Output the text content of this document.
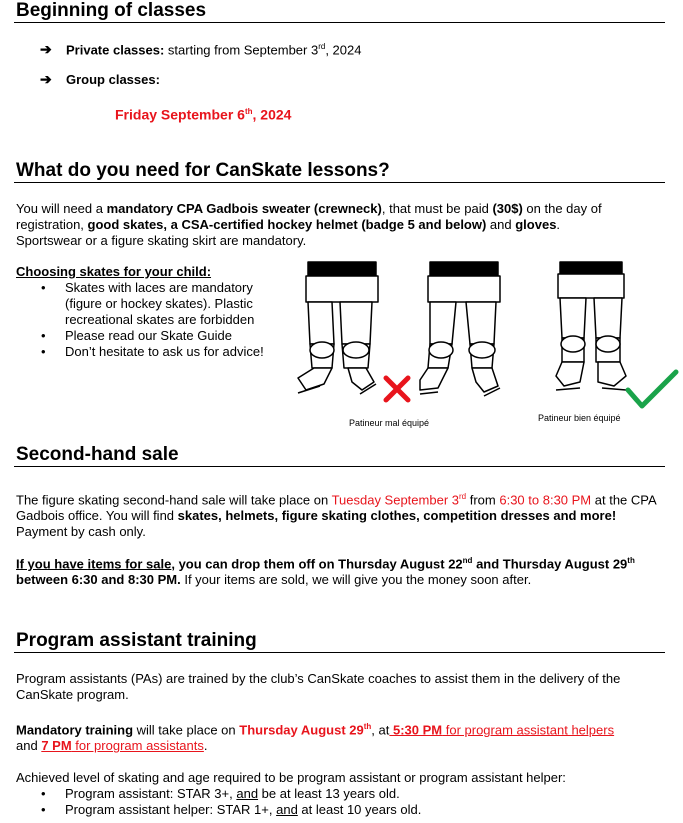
Beginning of classes
➔ Private classes: starting from September 3rd, 2024
➔ Group classes:
Friday September 6th, 2024
What do you need for CanSkate lessons?
You will need a mandatory CPA Gadbois sweater (crewneck), that must be paid (30$) on the day of registration, good skates, a CSA-certified hockey helmet (badge 5 and below) and gloves.
Sportswear or a figure skating skirt are mandatory.
Choosing skates for your child:
• Skates with laces are mandatory (figure or hockey skates). Plastic recreational skates are forbidden
• Please read our Skate Guide
• Don’t hesitate to ask us for advice!
Patineur mal équipé	Patineur bien équipé
Second-hand sale
The figure skating second-hand sale will take place on Tuesday September 3rd from 6:30 to 8:30 PM at the CPA Gadbois office. You will find skates, helmets, figure skating clothes, competition dresses and more! Payment by cash only.
If you have items for sale, you can drop them off on Thursday August 22nd and Thursday August 29th between 6:30 and 8:30 PM. If your items are sold, we will give you the money soon after.
Program assistant training
Program assistants (PAs) are trained by the club’s CanSkate coaches to assist them in the delivery of the CanSkate program.
Mandatory training will take place on Thursday August 29th, at 5:30 PM for program assistant helpers
and 7 PM for program assistants.
Achieved level of skating and age required to be program assistant or program assistant helper:
• Program assistant: STAR 3+, and be at least 13 years old.
• Program assistant helper: STAR 1+, and at least 10 years old.
